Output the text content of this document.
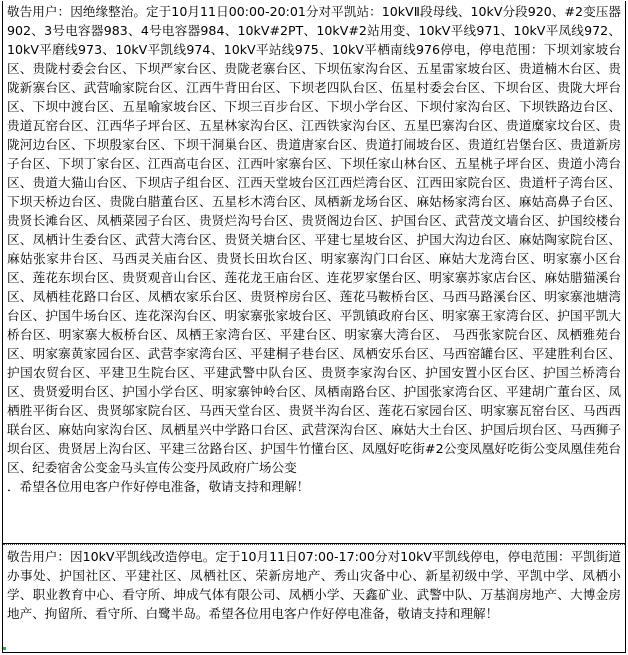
敬告用户：因绝缘整治。定于10月11日00:00-20:01分对平凯站：10kVⅡ段母线、10kV分段920、#2变压器902、3号电容器983、4号电容器984、10kV#2PT、10kV#2站用变、10kV平线971、10kV平凤线972、10kV平磨线973、10kV平凯线974、10kV平站线975、10kV平栖南线976停电，停电范围：下坝刘家坡台区、贵陇村委会台区、下坝严家台区、贵陇老寨台区、下坝伍家沟台区、五星雷家坡台区、贵道楠木台区、贵陇新寨台区、武营喻家院台区、江西牛背田台区、下坝老四队台区、伍星村委会台区、下坝台区、贵陇大坪台区、下坝中渡台区、五星喻家坡台区、下坝三百步台区、下坝小学台区、下坝付家沟台区、下坝铁路边台区、贵道瓦窑台区、江西华子坪台区、五星林家沟台区、江西铁家沟台区、五星巴寨沟台区、贵道糜家坟台区、贵陇河边台区、下坝殷家台区、下坝干洞巢台区、贵道唐家台区、贵道打闹坡台区、贵道红岩堡台区、贵道新房子台区、下坝丁家台区、江西高屯台区、江西叶家寨台区、下坝任家山林台区、五星桃子坪台区、贵道小湾台区、贵道大猫山台区、下坝店子组台区、江西天堂坡台区江西烂湾台区、江西田家院台区、贵道杆子湾台区、下坝天桥边台区、贵陇白腊董台区、五星杉木湾台区、凤栖新龙场台区、麻姑杨家湾台区、麻姑高鼻子台区、贵贤长滩台区、凤栖菜园子台区、贵贤烂沟号台区、贵贤阁边台区、护国台区、武营茂文墙台区、护国绞楼台区、凤栖计生委台区、武营大湾台区、贵贤关塘台区、平建七星坡台区、护国大沟边台区、麻姑陶家院台区、麻姑张家井台区、马西灵关庙台区、贵贤长田坎台区、明家寨沟门口台区、麻姑大龙湾台区、明家寨小区台区、莲花东坝台区、贵贤观音山台区、莲花龙王庙台区、连花罗家堡台区、明家寨苏家店台区、麻姑腊猫溪台区、凤栖桂花路口台区、凤栖农家乐台区、贵贤榨房台区、莲花马鞍桥台区、马西马路溪台区、明家寨池塘湾台区、护国牛场台区、连花深沟台区、明家寨张家坡台区、平凯镇政府台区、明家寨王家湾台区、护国平凯大桥台区、明家寨大板桥台区、凤栖王家湾台区、平建台区、明家寨大湾台区、 马西张家院台区、凤栖雅苑台区、明家寨黄家园台区、武营李家湾台区、平建桐子巷台区、凤栖安乐台区、马西窑罐台区、平建胜利台区、护国农贸台区、平建卫生院台区、平建武警中队台区、贵贤李家沟台区、护国安置小区台区、护国兰桥湾台区、贵贤爱明台区、护国小学台区、明家寨钟岭台区、凤栖南路台区、护国张家湾台区、平建胡广董台区、凤栖胜平街台区、贵贤邬家院台区、马西天堂台区、贵贤半沟台区、莲花石家园台区、明家寨瓦窑台区、马西西联台区、麻姑向家沟台区、凤栖星兴中学路口台区、武营深沟台区、麻姑大土台区、护国后坝台区、马西狮子坝台区、贵贤居上沟台区、平建三岔路台区、护国牛竹懂台区、凤凰好吃街#2公变凤凰好吃街公变凤凰佳苑台区、纪委宿舍公变金马头宣传公变丹凤政府广场公变
．希望各位用电客户作好停电准备，敬请支持和理解！
敬告用户：因10kV平凯线改造停电。定于10月11日07:00-17:00分对10kV平凯线停电，停电范围：平凯街道办事处、护国社区、平建社区、凤栖社区、荣新房地产、秀山灾备中心、新星初级中学、平凯中学、凤栖小学、职业教育中心、看守所、坤成气体有限公司、凤栖小学、天鑫矿业、武警中队、万基润房地产、大博金房地产、拘留所、看守所、白鹭半岛。希望各位用电客户作好停电准备，敬请支持和理解！
